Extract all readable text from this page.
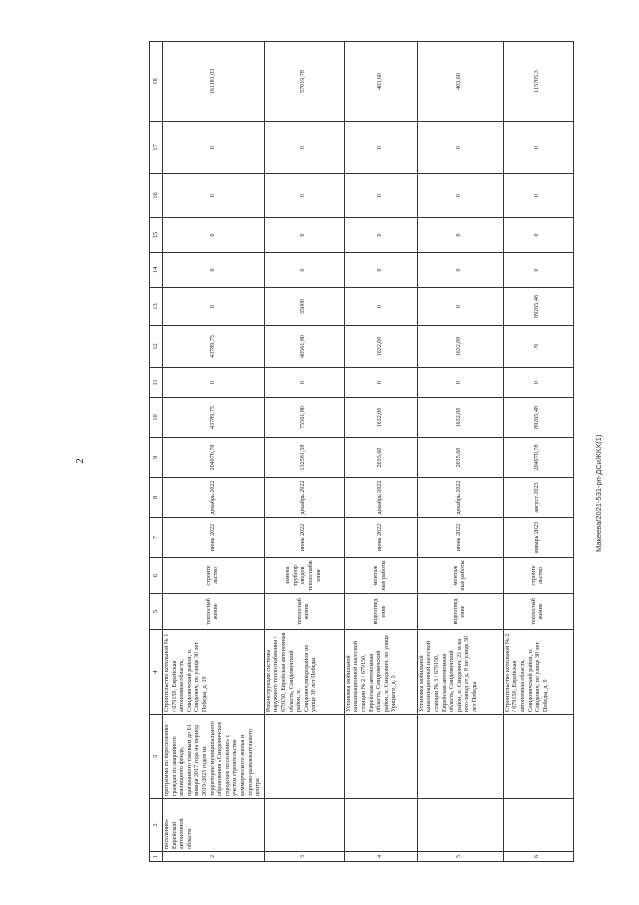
2	Макеева/2021-531-рп-ДСиЖКХ(1)
1	2	3	4	5	6	7	8	9	10	11	12	13	14	15	16	17	18
2	поселение» Еврейской автономной области	программа по переселению граждан из аварийного жилищного фонда, признанного таковым до 01 января 2017 года на период 2019-2025 годов на территории муниципального образования «Смидовичское городское поселение» с учетом строительства коммерческого жилья и торгово-развлекательного центра	Строительство котельной № 1 / 679150, Еврейская автономная область, Смидовичский район, п. Смидович, по улице 30 лет Победы, д. 19	теплоснаб жение	строите льство	июнь 2022	декабрь 2022	204970,78	43789,75	0	43789,75	0	0	0	0	0	161181,03
3			Реконструкция системы наружного теплоснабжения / 679150, Еврейская автономная область, Смидовичский район, п. Смидович,микрорайон по улице 30 лет Победы	теплоснаб жение	замена трубопр оводов теплоснабжения	июнь 2022	декабрь 2022	132581,58	75561,80	0	40561,80	35000	0	0	0	0	57019,78
4			Установка мобильной канализационной насосной станции № 2 / 679150, Еврейская автономная область, Смидовичский район, п. Смидович, по улице Урицкого, д. 3	водоотвед ение	монтаж ные работы	июнь 2022	декабрь 2022	2035,60	1632,00	0	1632,00	0	0	0	0	0	403,60
5			Установка мобильной канализационной насосной станции № 3 / 679150, Еврейская автономная область, Смидовичский район, п. Смидович, 21 м на юго-запад от д. 8 по улице 30 лет Победы	водоотвед ение	монтаж ные работы	июнь 2022	декабрь 2022	2035,60	1632,00	0	1632,00	0	0	0	0	0	403,60
6			Строительство котельной № 2 / 679150, Еврейская автономная область, Смидовичский район, п. Смидович, по улице 30 лет Победы, д. 9	теплоснаб жение	строите льство	январь 2023	август 2023	204970,78	89265,48	0	/9	89265,48	0	0	0	0	115705,3
